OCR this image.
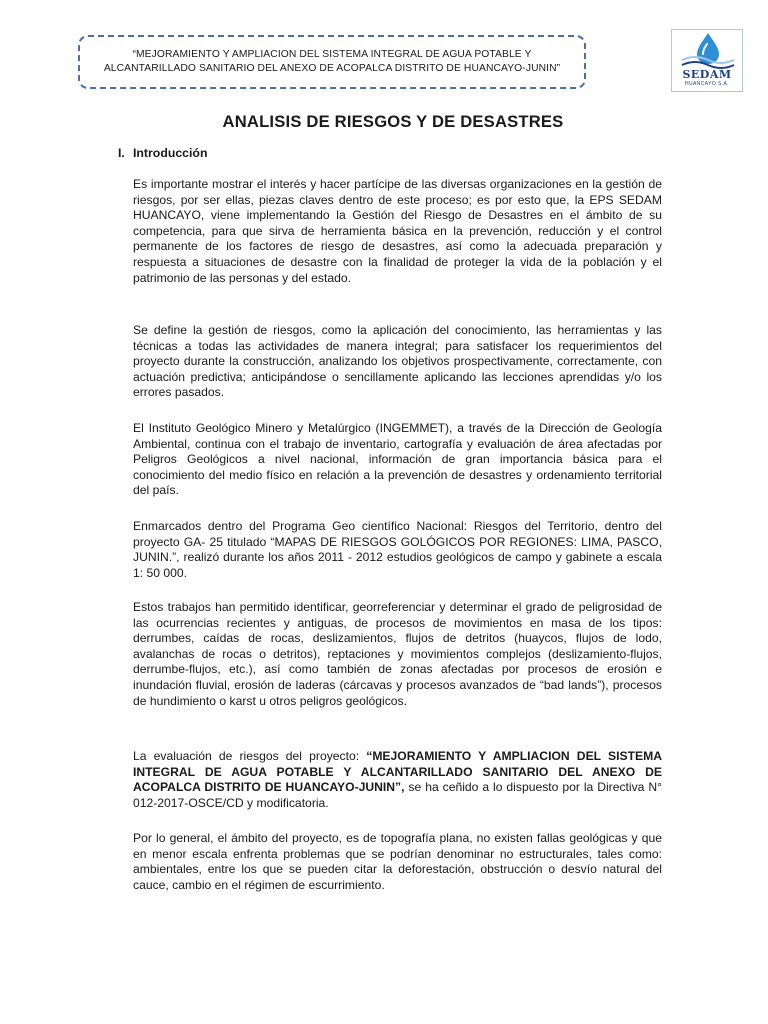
“MEJORAMIENTO Y AMPLIACION DEL SISTEMA INTEGRAL DE AGUA POTABLE Y ALCANTARILLADO SANITARIO DEL ANEXO DE ACOPALCA DISTRITO DE HUANCAYO-JUNIN”	SEDAM
HUANCAYO S.A.
ANALISIS DE RIESGOS Y DE DESASTRES
I. Introducción

Es importante mostrar el interés y hacer partícipe de las diversas organizaciones en la gestión de riesgos, por ser ellas, piezas claves dentro de este proceso; es por esto que, la EPS SEDAM HUANCAYO, viene implementando la Gestión del Riesgo de Desastres en el ámbito de su competencia, para que sirva de herramienta básica en la prevención, reducción y el control permanente de los factores de riesgo de desastres, así como la adecuada preparación y respuesta a situaciones de desastre con la finalidad de proteger la vida de la población y el patrimonio de las personas y del estado.

Se define la gestión de riesgos, como la aplicación del conocimiento, las herramientas y las técnicas a todas las actividades de manera integral; para satisfacer los requerimientos del proyecto durante la construcción, analizando los objetivos prospectivamente, correctamente, con actuación predictiva; anticipándose o sencillamente aplicando las lecciones aprendidas y/o los errores pasados.

El Instituto Geológico Minero y Metalúrgico (INGEMMET), a través de la Dirección de Geología Ambiental, continua con el trabajo de inventario, cartografía y evaluación de área afectadas por Peligros Geológicos a nivel nacional, información de gran importancia básica para el conocimiento del medio físico en relación a la prevención de desastres y ordenamiento territorial del país.

Enmarcados dentro del Programa Geo científico Nacional: Riesgos del Territorio, dentro del proyecto GA- 25 titulado “MAPAS DE RIESGOS GOLÓGICOS POR REGIONES: LIMA, PASCO, JUNIN.”, realizó durante los años 2011 - 2012 estudios geológicos de campo y gabinete a escala 1: 50 000.

Estos trabajos han permitido identificar, georreferenciar y determinar el grado de peligrosidad de las ocurrencias recientes y antiguas, de procesos de movimientos en masa de los tipos: derrumbes, caídas de rocas, deslizamientos, flujos de detritos (huaycos, flujos de lodo, avalanchas de rocas o detritos), reptaciones y movimientos complejos (deslizamiento-flujos, derrumbe-flujos, etc.), así como también de zonas afectadas por procesos de erosión e inundación fluvial, erosión de laderas (cárcavas y procesos avanzados de “bad lands”), procesos de hundimiento o karst u otros peligros geológicos.

La evaluación de riesgos del proyecto: “MEJORAMIENTO Y AMPLIACION DEL SISTEMA INTEGRAL DE AGUA POTABLE Y ALCANTARILLADO SANITARIO DEL ANEXO DE ACOPALCA DISTRITO DE HUANCAYO-JUNIN”, se ha ceñido a lo dispuesto por la Directiva N° 012-2017-OSCE/CD y modificatoria.

Por lo general, el ámbito del proyecto, es de topografía plana, no existen fallas geológicas y que en menor escala enfrenta problemas que se podrían denominar no estructurales, tales como: ambientales, entre los que se pueden citar la deforestación, obstrucción o desvío natural del cauce, cambio en el régimen de escurrimiento.
